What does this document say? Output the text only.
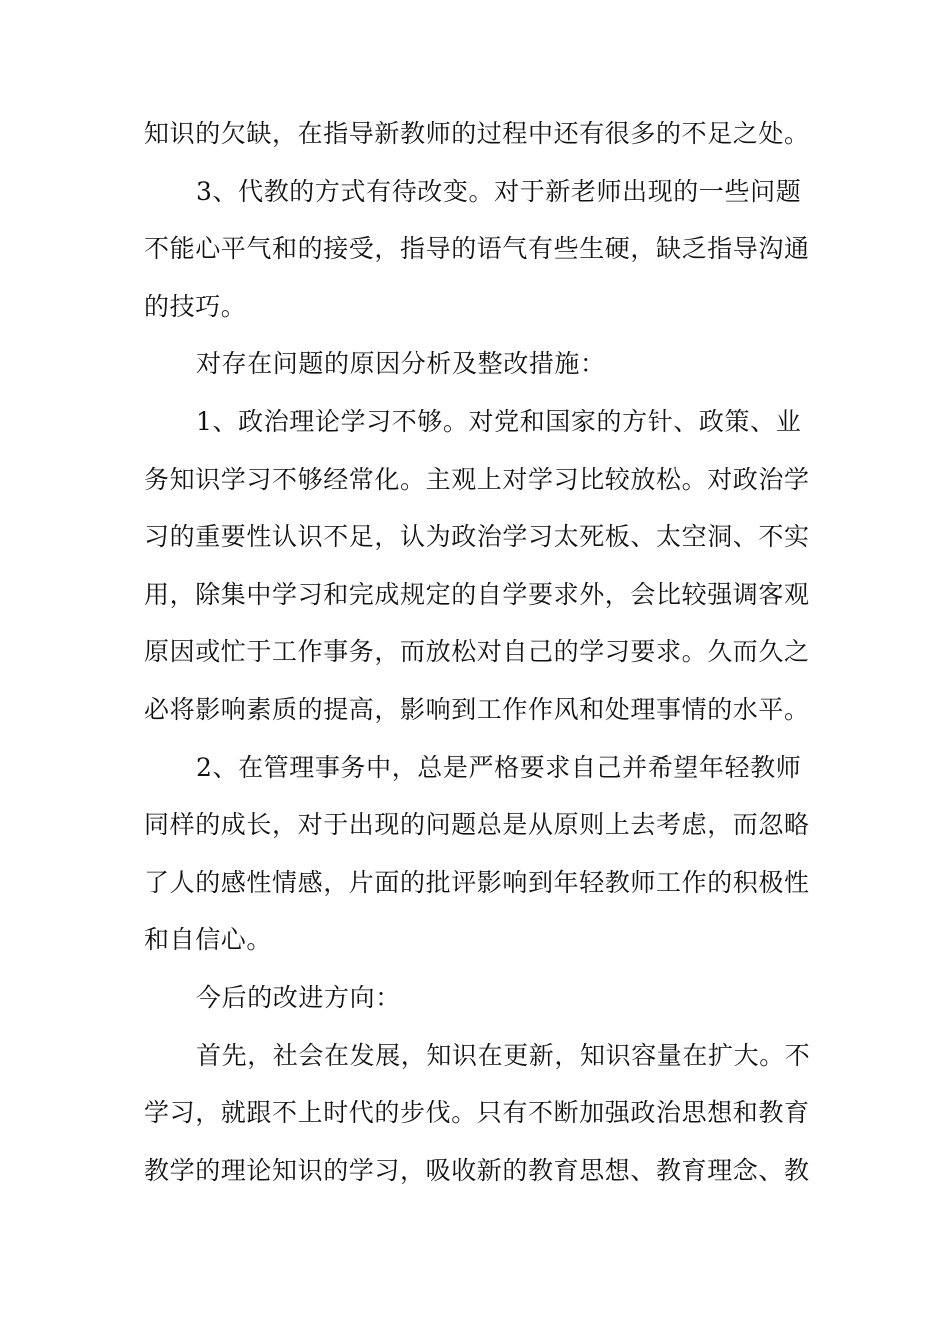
知识的欠缺，在指导新教师的过程中还有很多的不足之处。
3、代教的方式有待改变。对于新老师出现的一些问题
不能心平气和的接受，指导的语气有些生硬，缺乏指导沟通
的技巧。
对存在问题的原因分析及整改措施：
1、政治理论学习不够。对党和国家的方针、政策、业
务知识学习不够经常化。主观上对学习比较放松。对政治学
习的重要性认识不足，认为政治学习太死板、太空洞、不实
用，除集中学习和完成规定的自学要求外，会比较强调客观
原因或忙于工作事务，而放松对自己的学习要求。久而久之
必将影响素质的提高，影响到工作作风和处理事情的水平。
2、在管理事务中，总是严格要求自己并希望年轻教师
同样的成长，对于出现的问题总是从原则上去考虑，而忽略
了人的感性情感，片面的批评影响到年轻教师工作的积极性
和自信心。
今后的改进方向：
首先，社会在发展，知识在更新，知识容量在扩大。不
学习，就跟不上时代的步伐。只有不断加强政治思想和教育
教学的理论知识的学习，吸收新的教育思想、教育理念、教
